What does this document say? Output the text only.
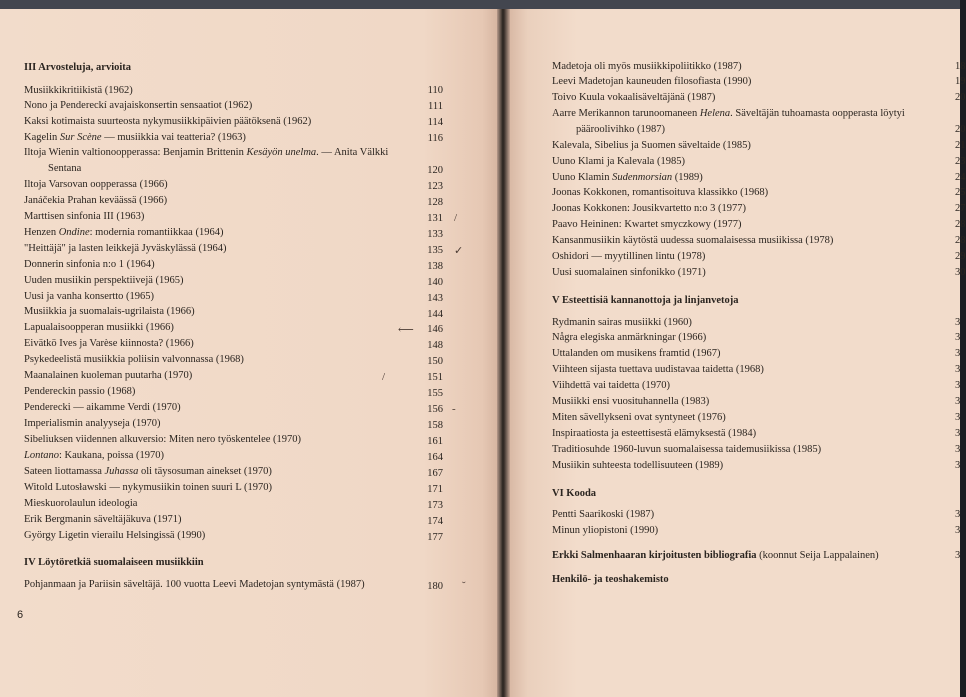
III Arvosteluja, arvioita
Musiikkikritiikistä (1962)	110
Nono ja Pendereckí avajaiskonsertin sensaatiot (1962)	111
Kaksi kotimaista suurteosta nykymusiikkipäivien päätöksenä (1962)	114
Kagelin Sur Scène — musiikkia vai teatteria? (1963)	116
Iltoja Wienin valtionoopperassa: Benjamin Brittenin Kesäyön unelma. — Anita Välkki
Sentana	120
Iltoja Varsovan oopperassa (1966)	123
Janáčekia Prahan keväässä (1966)	128
Marttisen sinfonia III (1963)	131
Henzen Ondine: modernia romantiikkaa (1964)	133
"Heittäjä" ja lasten leikkejä Jyväskylässä (1964)	135
Donnerin sinfonia n:o 1 (1964)	138
Uuden musiikin perspektiivejä (1965)	140
Uusi ja vanha konsertto (1965)	143
Musiikkia ja suomalais-ugrilaista (1966)	144
Lapualaisoopperan musiikki (1966)	146
Eivätkö Ives ja Varèse kiinnosta? (1966)	148
Psykedeelistä musiikkia poliisin valvonnassa (1968)	150
Maanalainen kuoleman puutarha (1970)	151
Pendereckin passio (1968)	155
Penderecki — aikamme Verdi (1970)	156
Imperialismin analyyseja (1970)	158
Sibeliuksen viidennen alkuversio: Miten nero työskentelee (1970)	161
Lontano: Kaukana, poissa (1970)	164
Sateen liottamassa Juhassa oli täysosuman ainekset (1970)	167
Witold Lutosławski — nykymusiikin toinen suuri L (1970)	171
Mieskuorolaulun ideologia	173
Erik Bergmanin säveltäjäkuva (1971)	174
György Ligetin vierailu Helsingissä (1990)	177
IV Löytöretkiä suomalaiseen musiikkiin
Pohjanmaan ja Pariisin säveltäjä. 100 vuotta Leevi Madetojan syntymästä (1987)	180
6
/
✓
⟵
/
-
˘
Madetoja oli myös musiikkipoliitikko (1987)	18
Leevi Madetojan kauneuden filosofiasta (1990)	19
Toivo Kuula vokaalisäveltäjänä (1987)	20
Aarre Merikannon tarunoomaneen Helena. Säveltäjän tuhoamasta oopperasta löytyi
pääroolivihko (1987)	20
Kalevala, Sibelius ja Suomen säveltaide (1985)	21
Uuno Klami ja Kalevala (1985)	23
Uuno Klamin Sudenmorsian (1989)	24
Joonas Kokkonen, romantisoituva klassikko (1968)	25
Joonas Kokkonen: Jousikvartetto n:o 3 (1977)	27
Paavo Heininen: Kwartet smyczkowy (1977)	28
Kansanmusiikin käytöstä uudessa suomalaisessa musiikissa (1978)	28
Oshidori — myytillinen lintu (1978)	29
Uusi suomalainen sinfonikko (1971)	30
V Esteettisiä kannanottoja ja linjanvetoja
Rydmanin sairas musiikki (1960)	3
Några elegiska anmärkningar (1966)	3
Uttalanden om musikens framtid (1967)	3
Viihteen sijasta tuettava uudistavaa taidetta (1968)	3
Viihdettä vai taidetta (1970)	3
Musiikki ensi vuosituhannella (1983)	3
Miten sävellykseni ovat syntyneet (1976)	3
Inspiraatiosta ja esteettisestä elämyksestä (1984)	3
Traditiosuhde 1960-luvun suomalaisessa taidemusiikissa (1985)	3
Musiikin suhteesta todellisuuteen (1989)	3
VI Kooda
Pentti Saarikoski (1987)	3
Minun yliopistoni (1990)	3
Erkki Salmenhaaran kirjoitusten bibliografia (koonnut Seija Lappalainen)	3
Henkilö- ja teoshakemisto
